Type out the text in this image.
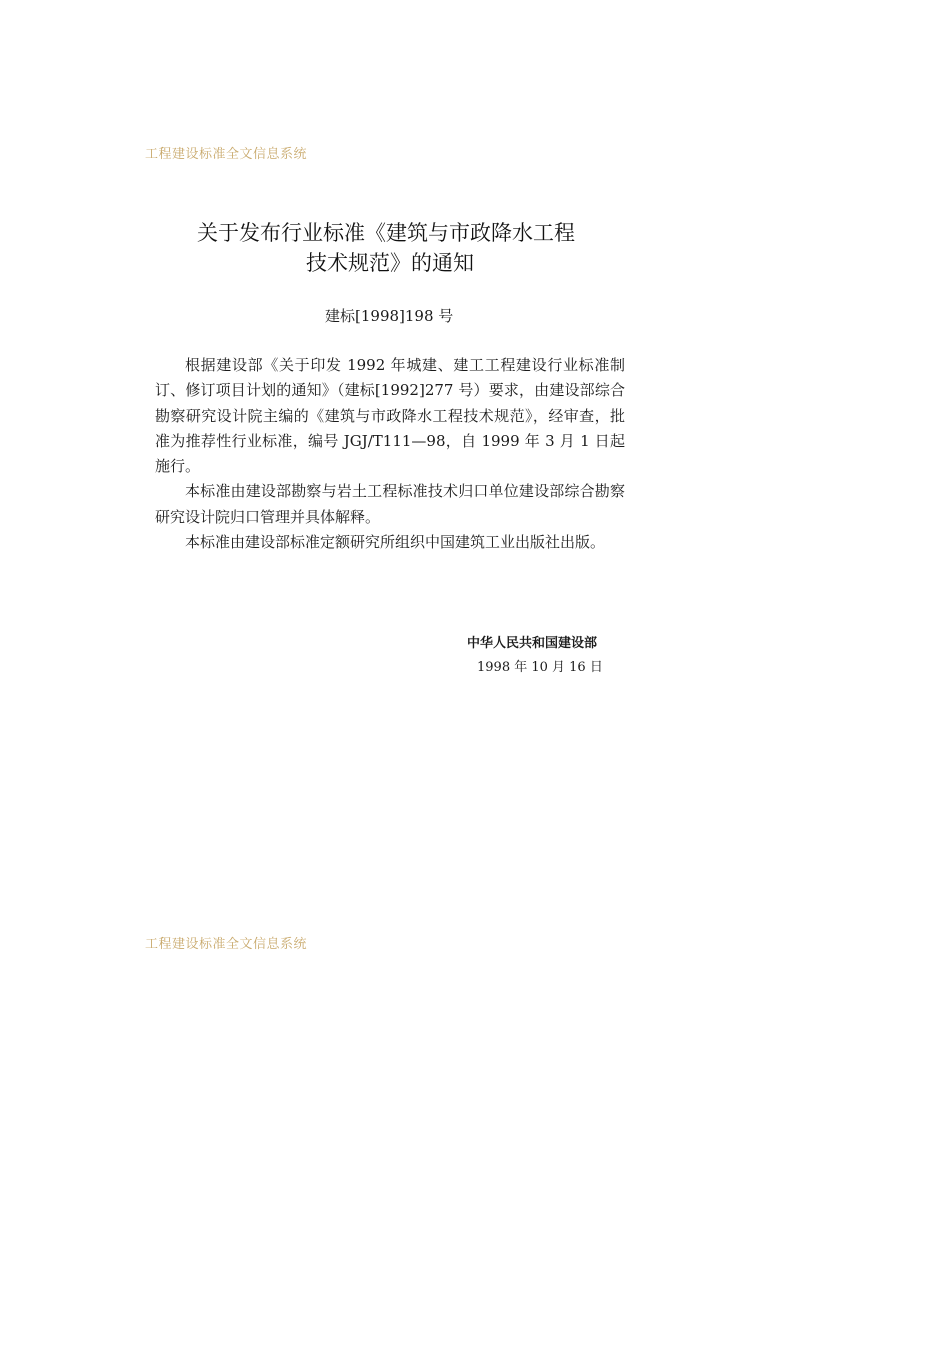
工程建设标准全文信息系统
关于发布行业标准《建筑与市政降水工程
技术规范》的通知
建标[1998]198 号

根据建设部《关于印发 1992 年城建、建工工程建设行业标准制订、修订项目计划的通知》（建标[1992]277 号）要求，由建设部综合勘察研究设计院主编的《建筑与市政降水工程技术规范》，经审查，批准为推荐性行业标准，编号 JGJ/T111—98，自 1999 年 3 月 1 日起施行。

本标准由建设部勘察与岩土工程标准技术归口单位建设部综合勘察研究设计院归口管理并具体解释。

本标准由建设部标准定额研究所组织中国建筑工业出版社出版。

中华人民共和国建设部
1998 年 10 月 16 日
工程建设标准全文信息系统
